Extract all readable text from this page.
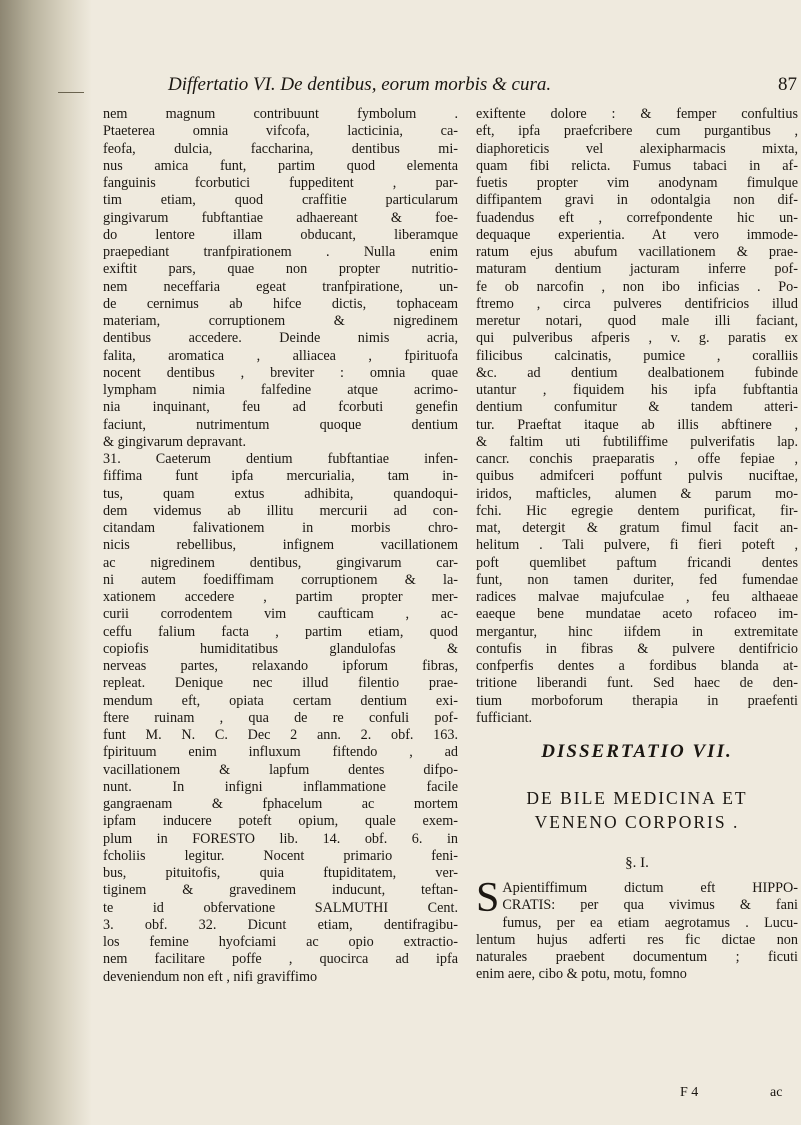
Differtatio VI. De dentibus, eorum morbis & cura.	87
nem magnum contribuunt fymbolum .
Ptaeterea omnia vifcofa, lacticinia, ca-
feofa, dulcia, faccharina, dentibus mi-
nus amica funt, partim quod elementa
fanguinis fcorbutici fuppeditent , par-
tim etiam, quod craffitie particularum
gingivarum fubftantiae adhaereant & foe-
do lentore illam obducant, liberamque
praepediant tranfpirationem . Nulla enim
exiftit pars, quae non propter nutritio-
nem neceffaria egeat tranfpiratione, un-
de cernimus ab hifce dictis, tophaceam
materiam, corruptionem & nigredinem
dentibus accedere. Deinde nimis acria,
falita, aromatica , alliacea , fpirituofa
nocent dentibus , breviter : omnia quae
lympham nimia falfedine atque acrimo-
nia inquinant, feu ad fcorbuti genefin
faciunt, nutrimentum quoque dentium
& gingivarum depravant.
31. Caeterum dentium fubftantiae infen-
fiffima funt ipfa mercurialia, tam in-
tus, quam extus adhibita, quandoqui-
dem videmus ab illitu mercurii ad con-
citandam falivationem in morbis chro-
nicis rebellibus, infignem vacillationem
ac nigredinem dentibus, gingivarum car-
ni autem foediffimam corruptionem & la-
xationem accedere , partim propter mer-
curii corrodentem vim caufticam , ac-
ceffu falium facta , partim etiam, quod
copiofis humiditatibus glandulofas &
nerveas partes, relaxando ipforum fibras,
repleat. Denique nec illud filentio prae-
mendum eft, opiata certam dentium exi-
ftere ruinam , qua de re confuli pof-
funt M. N. C. Dec 2 ann. 2. obf. 163.
fpirituum enim influxum fiftendo , ad
vacillationem & lapfum dentes difpo-
nunt. In infigni inflammatione facile
gangraenam & fphacelum ac mortem
ipfam inducere poteft opium, quale exem-
plum in FORESTO lib. 14. obf. 6. in
fcholiis legitur. Nocent primario feni-
bus, pituitofis, quia ftupiditatem, ver-
tiginem & gravedinem inducunt, teftan-
te id obfervatione SALMUTHI Cent.
3. obf. 32. Dicunt etiam, dentifragibu-
los femine hyofciami ac opio extractio-
nem facilitare poffe , quocirca ad ipfa
deveniendum non eft , nifi graviffimo
exiftente dolore : & femper confultius
eft, ipfa praefcribere cum purgantibus ,
diaphoreticis vel alexipharmacis mixta,
quam fibi relicta. Fumus tabaci in af-
fuetis propter vim anodynam fimulque
diffipantem gravi in odontalgia non dif-
fuadendus eft , correfpondente hic un-
dequaque experientia. At vero immode-
ratum ejus abufum vacillationem & prae-
maturam dentium jacturam inferre pof-
fe ob narcofin , non ibo inficias . Po-
ftremo , circa pulveres dentifricios illud
meretur notari, quod male illi faciant,
qui pulveribus afperis , v. g. paratis ex
filicibus calcinatis, pumice , coralliis
&c. ad dentium dealbationem fubinde
utantur , fiquidem his ipfa fubftantia
dentium confumitur & tandem atteri-
tur. Praeftat itaque ab illis abftinere ,
& faltim uti fubtiliffime pulverifatis lap.
cancr. conchis praeparatis , offe fepiae ,
quibus admifceri poffunt pulvis nuciftae,
iridos, mafticles, alumen & parum mo-
fchi. Hic egregie dentem purificat, fir-
mat, detergit & gratum fimul facit an-
helitum . Tali pulvere, fi fieri poteft ,
poft quemlibet paftum fricandi dentes
funt, non tamen duriter, fed fumendae
radices malvae majufculae , feu althaeae
eaeque bene mundatae aceto rofaceo im-
mergantur, hinc iifdem in extremitate
contufis in fibras & pulvere dentifricio
confperfis dentes a fordibus blanda at-
tritione liberandi funt. Sed haec de den-
tium morboforum therapia in praefenti
fufficiant.
DISSERTATIO VII.
DE BILE MEDICINA ET
VENENO CORPORIS .
§. I.
S Apientiffimum dictum eft HIPPO-
CRATIS: per qua vivimus & fani
fumus, per ea etiam aegrotamus . Lucu-
lentum hujus adferti res fic dictae non
naturales praebent documentum ; ficuti
enim aere, cibo & potu, motu, fomno
F 4	ac
